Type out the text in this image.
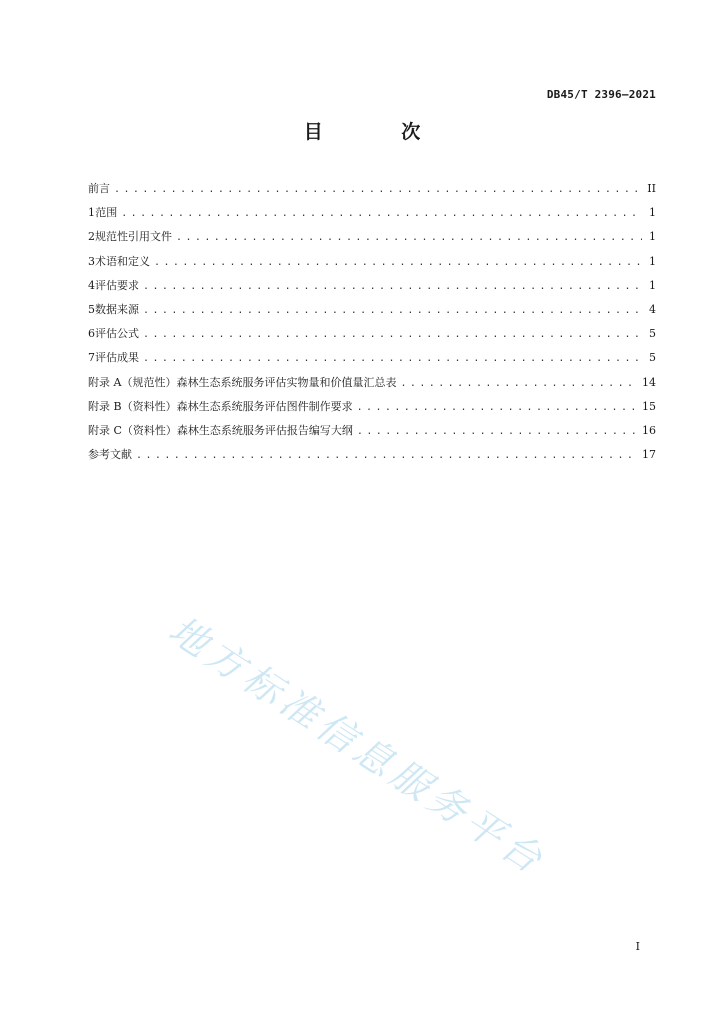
DB45/T 2396—2021
目 次
前言 . . .	II
1 范围 . . .	1
2 规范性引用文件 . . .	1
3 术语和定义 . . .	1
4 评估要求 . . .	1
5 数据来源 . . .	4
6 评估公式 . . .	5
7 评估成果 . . .	5
附录 A（规范性） 森林生态系统服务评估实物量和价值量汇总表 . . .	14
附录 B（资料性） 森林生态系统服务评估图件制作要求 . . .	15
附录 C（资料性） 森林生态系统服务评估报告编写大纲 . . .	16
参考文献 . . .	17
地方标准信息服务平台
I
